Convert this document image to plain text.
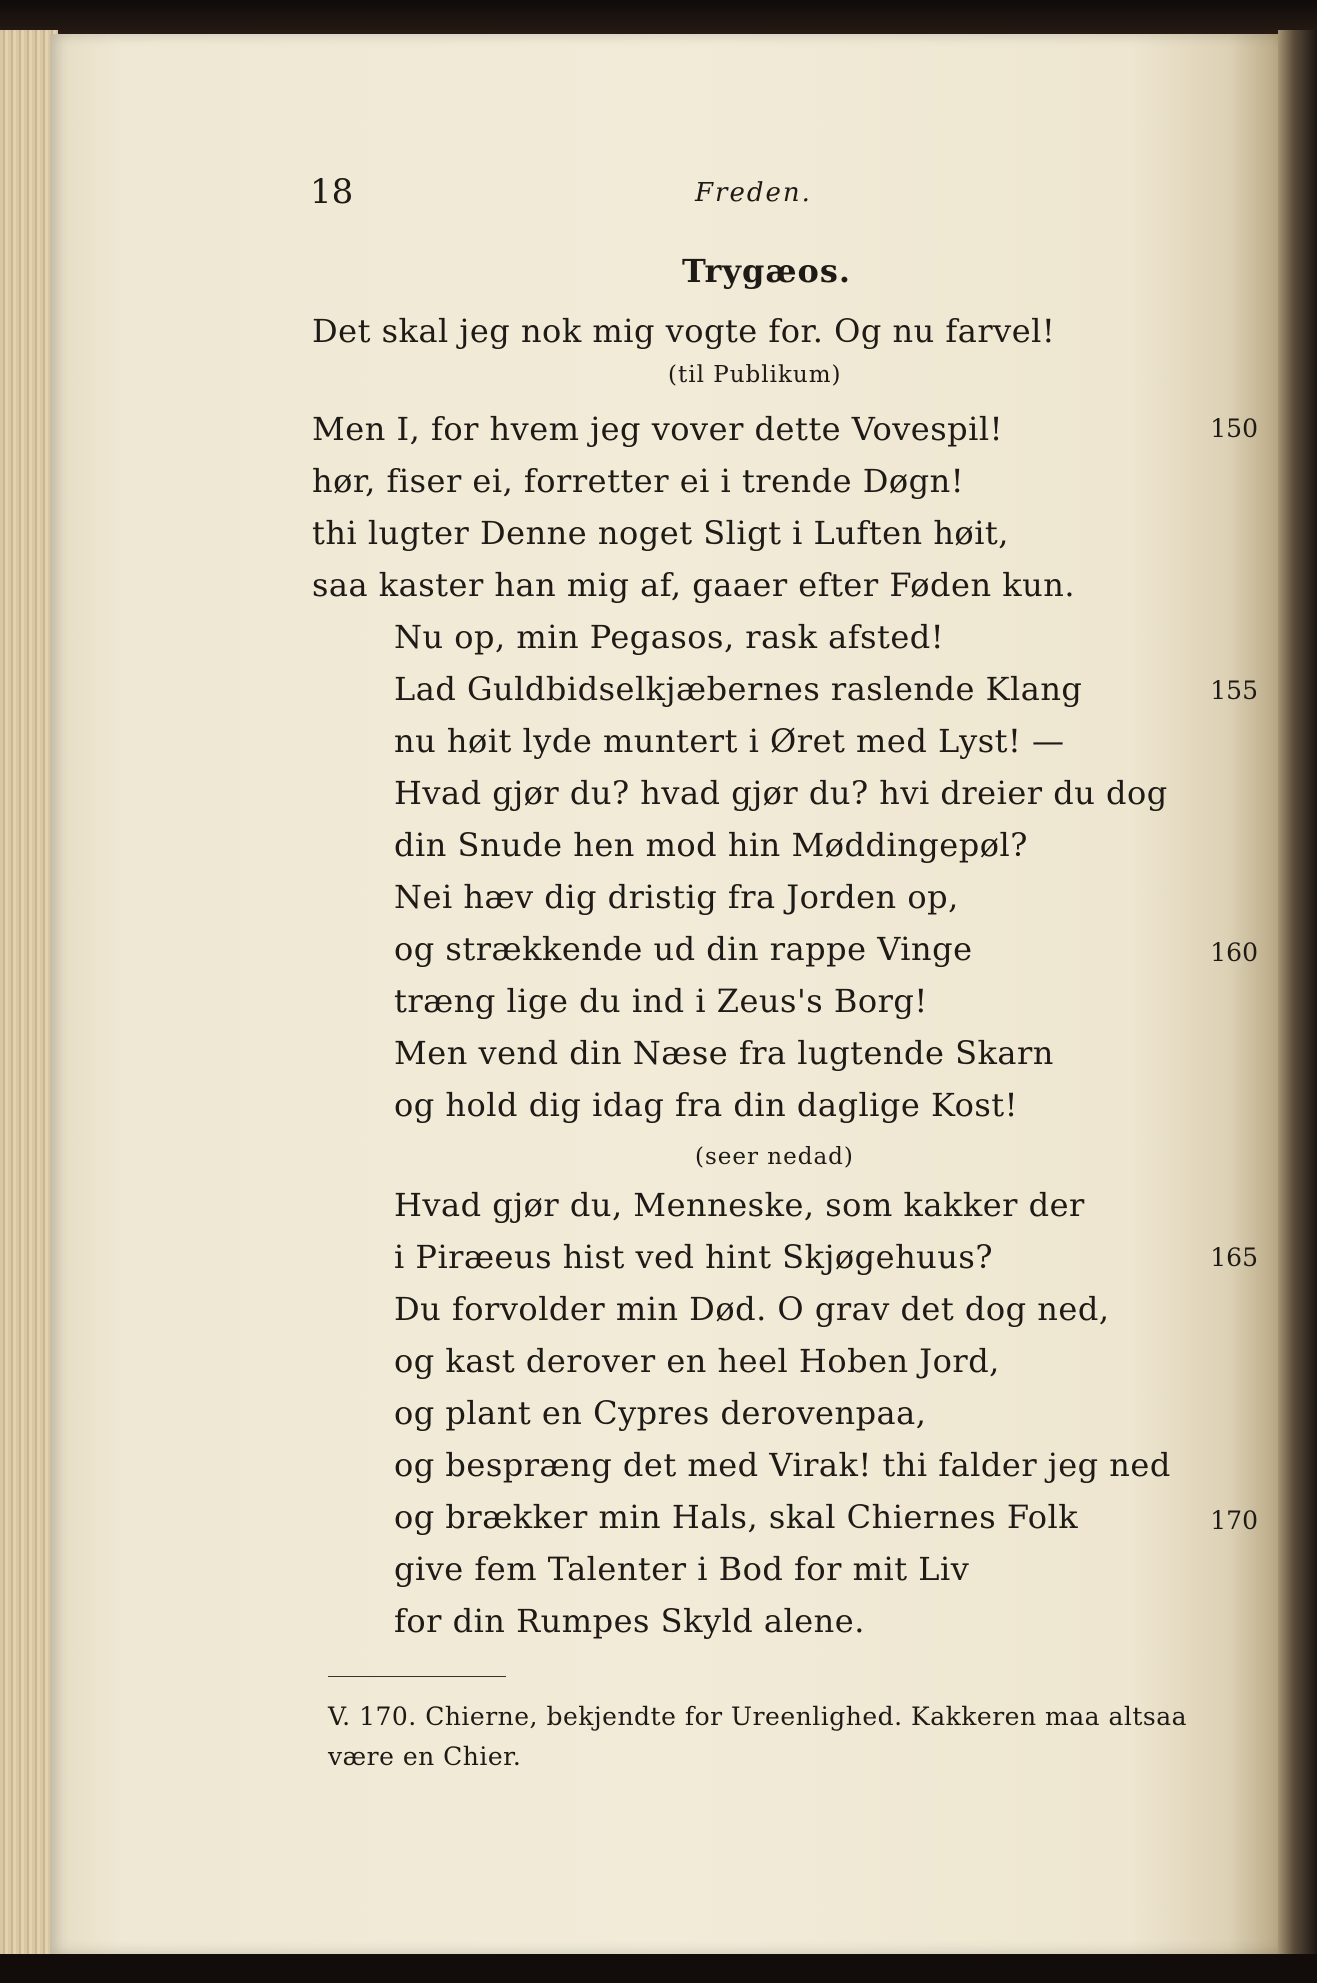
18	Freden.
Trygæos.
Det skal jeg nok mig vogte for. Og nu farvel!
(til Publikum)
Men I, for hvem jeg vover dette Vovespil!
hør, fiser ei, forretter ei i trende Døgn!
thi lugter Denne noget Sligt i Luften høit,
saa kaster han mig af, gaaer efter Føden kun.
Nu op, min Pegasos, rask afsted!
Lad Guldbidselkjæbernes raslende Klang
nu høit lyde muntert i Øret med Lyst! —
Hvad gjør du? hvad gjør du? hvi dreier du dog
din Snude hen mod hin Møddingepøl?
Nei hæv dig dristig fra Jorden op,
og strækkende ud din rappe Vinge
træng lige du ind i Zeus's Borg!
Men vend din Næse fra lugtende Skarn
og hold dig idag fra din daglige Kost!
(seer nedad)
Hvad gjør du, Menneske, som kakker der
i Piræeus hist ved hint Skjøgehuus?
Du forvolder min Død. O grav det dog ned,
og kast derover en heel Hoben Jord,
og plant en Cypres derovenpaa,
og bespræng det med Virak! thi falder jeg ned
og brækker min Hals, skal Chiernes Folk
give fem Talenter i Bod for mit Liv
for din Rumpes Skyld alene.
150
155
160
165
170
V. 170. Chierne, bekjendte for Ureenlighed. Kakkeren maa altsaa
være en Chier.
